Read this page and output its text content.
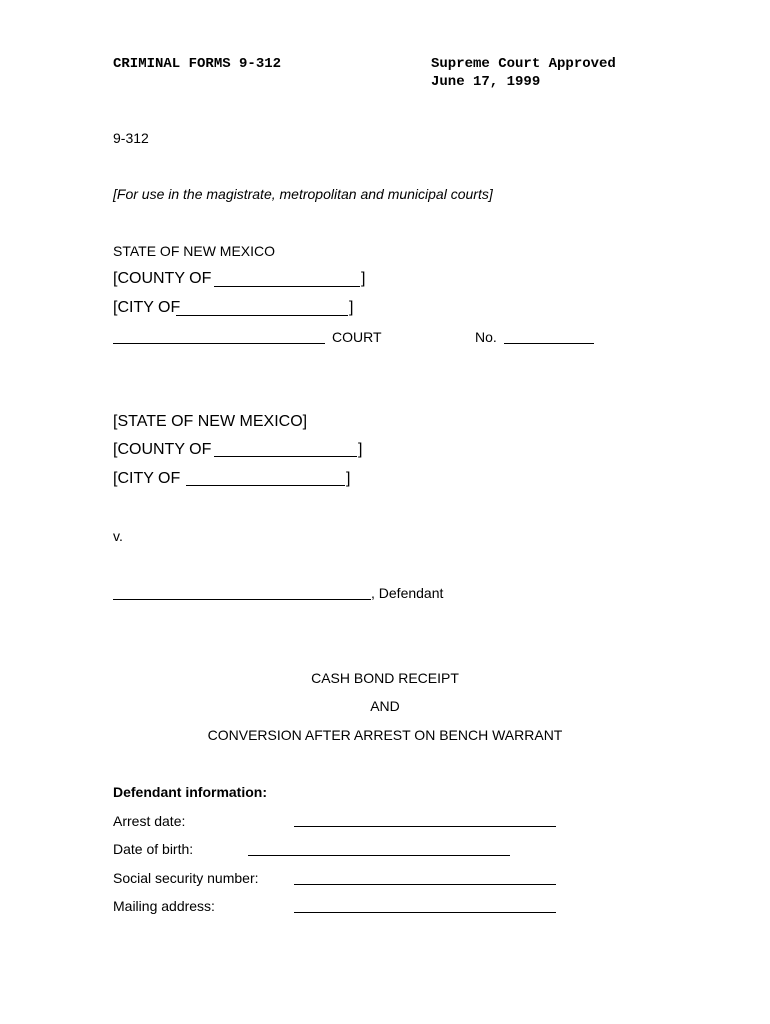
CRIMINAL FORMS 9-312	Supreme Court Approved
June 17, 1999
9-312
[For use in the magistrate, metropolitan and municipal courts]
STATE OF NEW MEXICO
[COUNTY OF	]
[CITY OF	]
COURT	No.
[STATE OF NEW MEXICO]
[COUNTY OF	]
[CITY OF	]
v.
, Defendant
CASH BOND RECEIPT
AND
CONVERSION AFTER ARREST ON BENCH WARRANT
Defendant information:
Arrest date:
Date of birth:
Social security number:
Mailing address:
